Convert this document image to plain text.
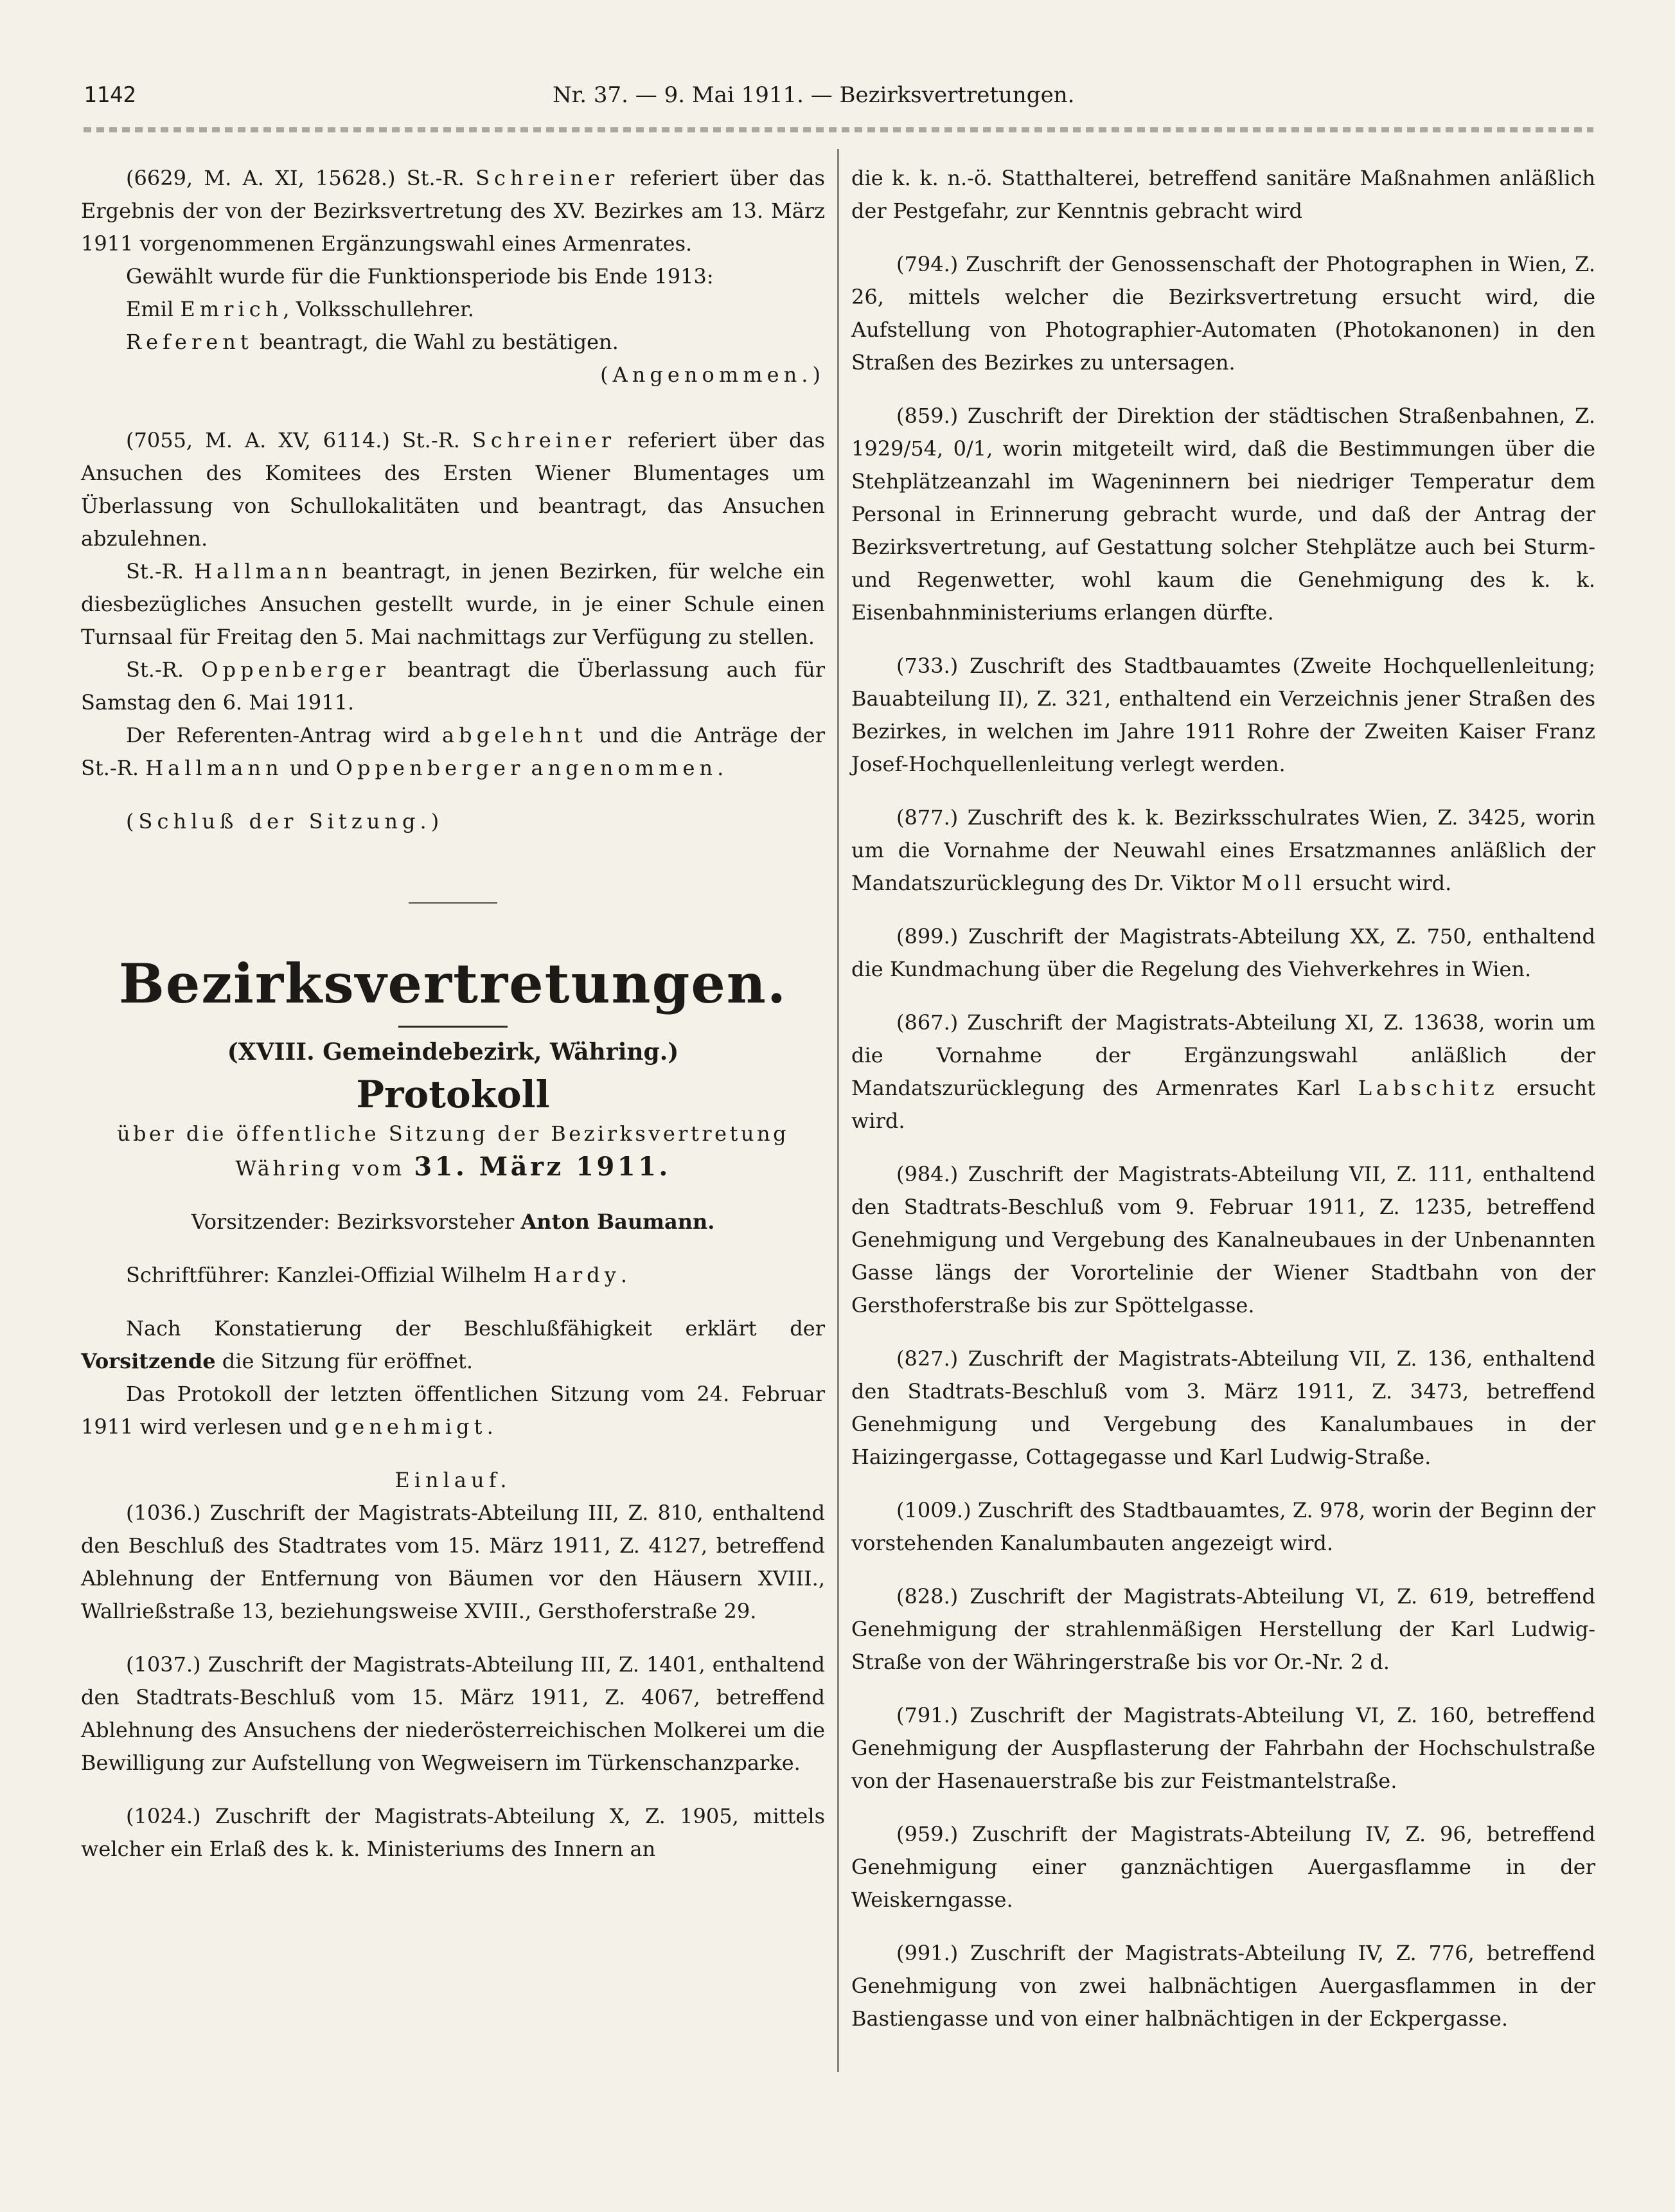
1142	Nr. 37. — 9. Mai 1911. — Bezirksvertretungen.

(6629, M. A. XI, 15628.) St.-R. Schreiner referiert über das Ergebnis der von der Bezirksvertretung des XV. Bezirkes am 13. März 1911 vorgenommenen Ergänzungswahl eines Armenrates.

Gewählt wurde für die Funktionsperiode bis Ende 1913:

Emil Emrich, Volksschullehrer.

Referent beantragt, die Wahl zu bestätigen.

(Angenommen.)

(7055, M. A. XV, 6114.) St.-R. Schreiner referiert über das Ansuchen des Komitees des Ersten Wiener Blumentages um Überlassung von Schullokalitäten und beantragt, das Ansuchen abzulehnen.

St.-R. Hallmann beantragt, in jenen Bezirken, für welche ein diesbezügliches Ansuchen gestellt wurde, in je einer Schule einen Turnsaal für Freitag den 5. Mai nachmittags zur Verfügung zu stellen.

St.-R. Oppenberger beantragt die Überlassung auch für Samstag den 6. Mai 1911.

Der Referenten-Antrag wird abgelehnt und die Anträge der St.-R. Hallmann und Oppenberger angenommen.

(Schluß der Sitzung.)

Bezirksvertretungen.

(XVIII. Gemeindebezirk, Währing.)

Protokoll

über die öffentliche Sitzung der Bezirksvertretung Währing vom 31. März 1911.

Vorsitzender: Bezirksvorsteher Anton Baumann.

Schriftführer: Kanzlei-Offizial Wilhelm Hardy.

Nach Konstatierung der Beschlußfähigkeit erklärt der Vorsitzende die Sitzung für eröffnet.

Das Protokoll der letzten öffentlichen Sitzung vom 24. Februar 1911 wird verlesen und genehmigt.

Einlauf.

(1036.) Zuschrift der Magistrats-Abteilung III, Z. 810, enthaltend den Beschluß des Stadtrates vom 15. März 1911, Z. 4127, betreffend Ablehnung der Entfernung von Bäumen vor den Häusern XVIII., Wallrießstraße 13, beziehungsweise XVIII., Gersthoferstraße 29.

(1037.) Zuschrift der Magistrats-Abteilung III, Z. 1401, enthaltend den Stadtrats-Beschluß vom 15. März 1911, Z. 4067, betreffend Ablehnung des Ansuchens der niederösterreichischen Molkerei um die Bewilligung zur Aufstellung von Wegweisern im Türkenschanzparke.

(1024.) Zuschrift der Magistrats-Abteilung X, Z. 1905, mittels welcher ein Erlaß des k. k. Ministeriums des Innern an

die k. k. n.-ö. Statthalterei, betreffend sanitäre Maßnahmen anläßlich der Pestgefahr, zur Kenntnis gebracht wird

(794.) Zuschrift der Genossenschaft der Photographen in Wien, Z. 26, mittels welcher die Bezirksvertretung ersucht wird, die Aufstellung von Photographier-Automaten (Photokanonen) in den Straßen des Bezirkes zu untersagen.

(859.) Zuschrift der Direktion der städtischen Straßenbahnen, Z. 1929/54, 0/1, worin mitgeteilt wird, daß die Bestimmungen über die Stehplätzeanzahl im Wageninnern bei niedriger Temperatur dem Personal in Erinnerung gebracht wurde, und daß der Antrag der Bezirksvertretung, auf Gestattung solcher Stehplätze auch bei Sturm- und Regenwetter, wohl kaum die Genehmigung des k. k. Eisenbahnministeriums erlangen dürfte.

(733.) Zuschrift des Stadtbauamtes (Zweite Hochquellenleitung; Bauabteilung II), Z. 321, enthaltend ein Verzeichnis jener Straßen des Bezirkes, in welchen im Jahre 1911 Rohre der Zweiten Kaiser Franz Josef-Hochquellenleitung verlegt werden.

(877.) Zuschrift des k. k. Bezirksschulrates Wien, Z. 3425, worin um die Vornahme der Neuwahl eines Ersatzmannes anläßlich der Mandatszurücklegung des Dr. Viktor Moll ersucht wird.

(899.) Zuschrift der Magistrats-Abteilung XX, Z. 750, enthaltend die Kundmachung über die Regelung des Viehverkehres in Wien.

(867.) Zuschrift der Magistrats-Abteilung XI, Z. 13638, worin um die Vornahme der Ergänzungswahl anläßlich der Mandatszurücklegung des Armenrates Karl Labschitz ersucht wird.

(984.) Zuschrift der Magistrats-Abteilung VII, Z. 111, enthaltend den Stadtrats-Beschluß vom 9. Februar 1911, Z. 1235, betreffend Genehmigung und Vergebung des Kanalneubaues in der Unbenannten Gasse längs der Vorortelinie der Wiener Stadtbahn von der Gersthoferstraße bis zur Spöttelgasse.

(827.) Zuschrift der Magistrats-Abteilung VII, Z. 136, enthaltend den Stadtrats-Beschluß vom 3. März 1911, Z. 3473, betreffend Genehmigung und Vergebung des Kanalumbaues in der Haizingergasse, Cottagegasse und Karl Ludwig-Straße.

(1009.) Zuschrift des Stadtbauamtes, Z. 978, worin der Beginn der vorstehenden Kanalumbauten angezeigt wird.

(828.) Zuschrift der Magistrats-Abteilung VI, Z. 619, betreffend Genehmigung der strahlenmäßigen Herstellung der Karl Ludwig-Straße von der Währingerstraße bis vor Or.-Nr. 2 d.

(791.) Zuschrift der Magistrats-Abteilung VI, Z. 160, betreffend Genehmigung der Auspflasterung der Fahrbahn der Hochschulstraße von der Hasenauerstraße bis zur Feistmantelstraße.

(959.) Zuschrift der Magistrats-Abteilung IV, Z. 96, betreffend Genehmigung einer ganznächtigen Auergasflamme in der Weiskerngasse.

(991.) Zuschrift der Magistrats-Abteilung IV, Z. 776, betreffend Genehmigung von zwei halbnächtigen Auergasflammen in der Bastiengasse und von einer halbnächtigen in der Eckpergasse.
